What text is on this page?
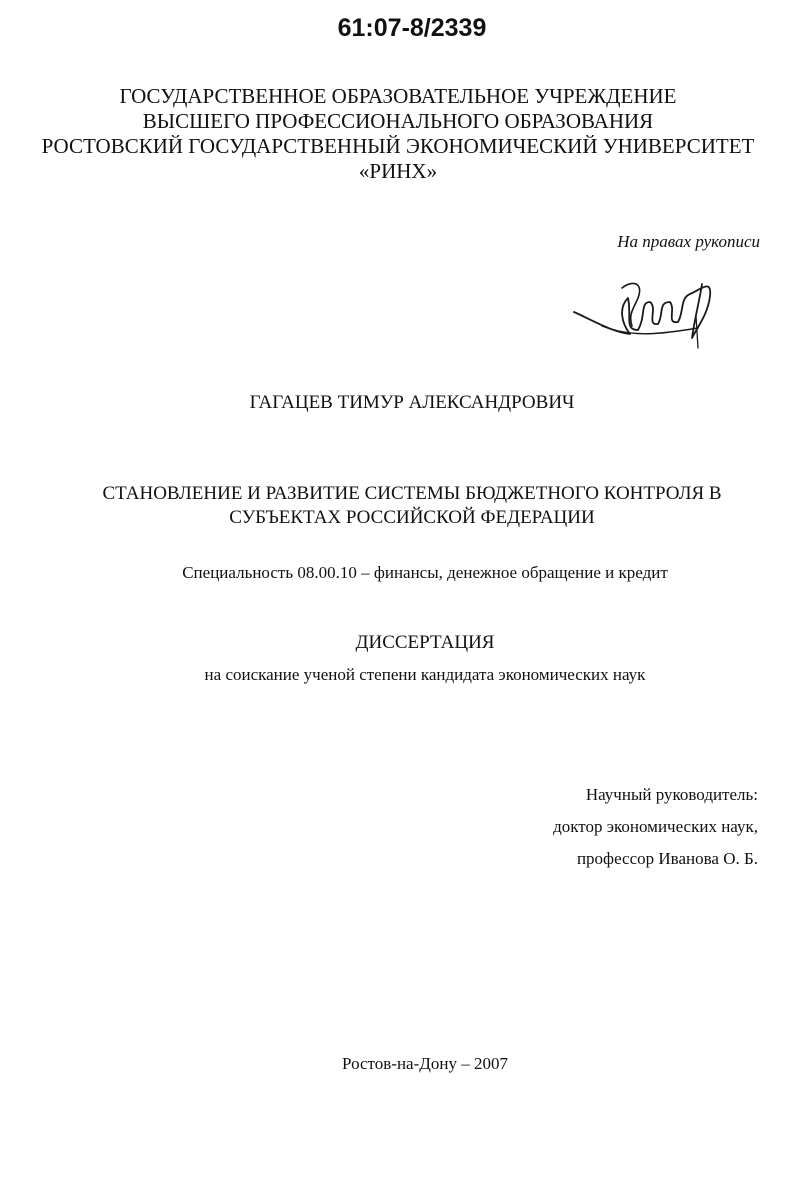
61:07-8/2339
ГОСУДАРСТВЕННОЕ ОБРАЗОВАТЕЛЬНОЕ УЧРЕЖДЕНИЕ
ВЫСШЕГО ПРОФЕССИОНАЛЬНОГО ОБРАЗОВАНИЯ
РОСТОВСКИЙ ГОСУДАРСТВЕННЫЙ ЭКОНОМИЧЕСКИЙ УНИВЕРСИТЕТ
«РИНХ»
На правах рукописи
ГАГАЦЕВ ТИМУР АЛЕКСАНДРОВИЧ
СТАНОВЛЕНИЕ И РАЗВИТИЕ СИСТЕМЫ БЮДЖЕТНОГО КОНТРОЛЯ В
СУБЪЕКТАХ РОССИЙСКОЙ ФЕДЕРАЦИИ
Специальность 08.00.10 – финансы, денежное обращение и кредит
ДИССЕРТАЦИЯ
на соискание ученой степени кандидата экономических наук
Научный руководитель:
доктор экономических наук,
профессор Иванова О. Б.
Ростов-на-Дону – 2007
